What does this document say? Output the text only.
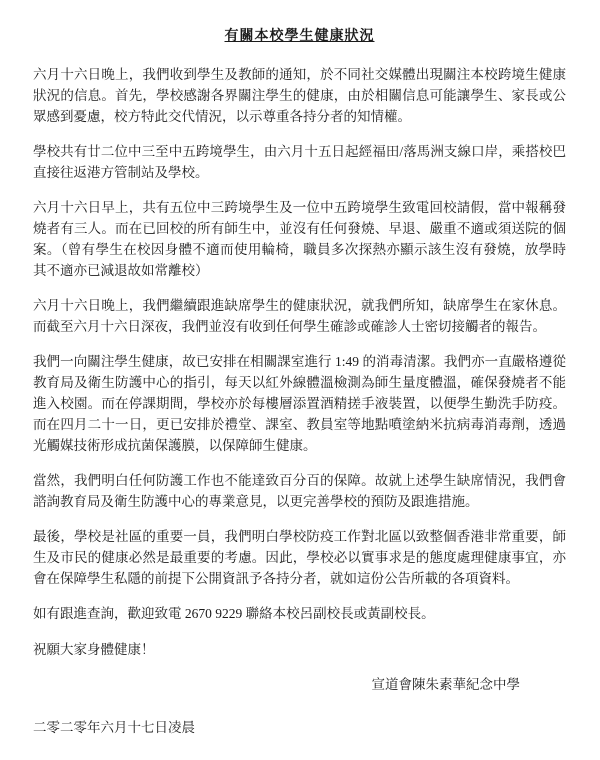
有關本校學生健康狀況

六月十六日晚上，我們收到學生及教師的通知，於不同社交媒體出現關注本校跨境生健康狀況的信息。首先，學校感謝各界關注學生的健康，由於相關信息可能讓學生、家長或公眾感到憂慮，校方特此交代情況，以示尊重各持分者的知情權。

學校共有廿二位中三至中五跨境學生，由六月十五日起經福田/落馬洲支線口岸，乘搭校巴直接往返港方管制站及學校。

六月十六日早上，共有五位中三跨境學生及一位中五跨境學生致電回校請假，當中報稱發燒者有三人。而在已回校的所有師生中，並沒有任何發燒、早退、嚴重不適或須送院的個案。（曾有學生在校因身體不適而使用輪椅，職員多次探熱亦顯示該生沒有發燒，放學時其不適亦已減退故如常離校）

六月十六日晚上，我們繼續跟進缺席學生的健康狀況，就我們所知，缺席學生在家休息。而截至六月十六日深夜，我們並沒有收到任何學生確診或確診人士密切接觸者的報告。

我們一向關注學生健康，故已安排在相關課室進行 1:49 的消毒清潔。我們亦一直嚴格遵從教育局及衛生防護中心的指引，每天以紅外線體溫檢測為師生量度體溫，確保發燒者不能進入校園。而在停課期間，學校亦於每樓層添置酒精搓手液裝置，以便學生勤洗手防疫。而在四月二十一日，更已安排於禮堂、課室、教員室等地點噴塗納米抗病毒消毒劑，透過光觸媒技術形成抗菌保護膜，以保障師生健康。

當然，我們明白任何防護工作也不能達致百分百的保障。故就上述學生缺席情況，我們會諮詢教育局及衛生防護中心的專業意見，以更完善學校的預防及跟進措施。

最後，學校是社區的重要一員，我們明白學校防疫工作對北區以致整個香港非常重要，師生及市民的健康必然是最重要的考慮。因此，學校必以實事求是的態度處理健康事宜，亦會在保障學生私隱的前提下公開資訊予各持分者，就如這份公告所載的各項資料。

如有跟進查詢，歡迎致電 2670 9229 聯絡本校呂副校長或黃副校長。

祝願大家身體健康！

宣道會陳朱素華紀念中學

二零二零年六月十七日凌晨
